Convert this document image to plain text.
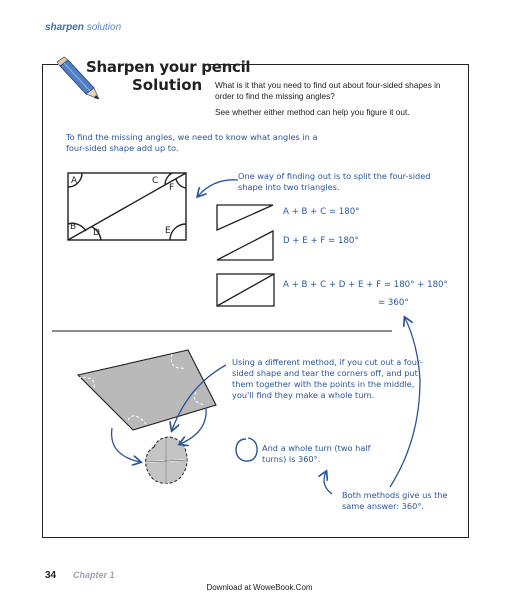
sharpen solution
Sharpen your pencil
Solution What is it that you need to find out about four-sided shapes in order to find the missing angles?

See whether either method can help you figure it out.

To find the missing angles, we need to know what angles in a four-sided shape add up to.
One way of finding out is to split the four-sided shape into two triangles.
Using a different method, if you cut out a four-sided shape and tear the corners off, and put them together with the points in the middle, you'll find they make a whole turn.
And a whole turn (two half turns) is 360°.
Both methods give us the same answer: 360°.
A
B
C
D	E
F
A + B + C = 180°
D + E + F = 180°
A + B + C + D + E + F = 180° + 180°
= 360°
34 Chapter 1
Download at WoweBook.Com
